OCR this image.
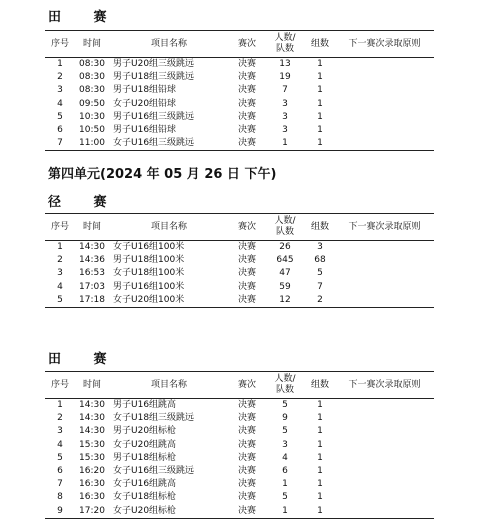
田 赛
序号	时间	项目名称	赛次	人数/
队数	组数	下一赛次录取原则
1	08:30	男子U20组三级跳远	决赛	13	1	
2	08:30	男子U18组三级跳远	决赛	19	1	
3	08:30	男子U18组铅球	决赛	7	1	
4	09:50	女子U20组铅球	决赛	3	1	
5	10:30	男子U16组三级跳远	决赛	3	1	
6	10:50	男子U16组铅球	决赛	3	1	
7	11:00	女子U16组三级跳远	决赛	1	1	
第四单元(2024 年 05 月 26 日 下午)
径 赛
序号	时间	项目名称	赛次	人数/
队数	组数	下一赛次录取原则
1	14:30	女子U16组100米	决赛	26	3	
2	14:36	男子U18组100米	决赛	645	68	
3	16:53	女子U18组100米	决赛	47	5	
4	17:03	男子U16组100米	决赛	59	7	
5	17:18	女子U20组100米	决赛	12	2	
田 赛
序号	时间	项目名称	赛次	人数/
队数	组数	下一赛次录取原则
1	14:30	男子U16组跳高	决赛	5	1	
2	14:30	女子U18组三级跳远	决赛	9	1	
3	14:30	男子U20组标枪	决赛	5	1	
4	15:30	女子U20组跳高	决赛	3	1	
5	15:30	男子U18组标枪	决赛	4	1	
6	16:20	女子U16组三级跳远	决赛	6	1	
7	16:30	女子U16组跳高	决赛	1	1	
8	16:30	女子U18组标枪	决赛	5	1	
9	17:20	女子U20组标枪	决赛	1	1	
